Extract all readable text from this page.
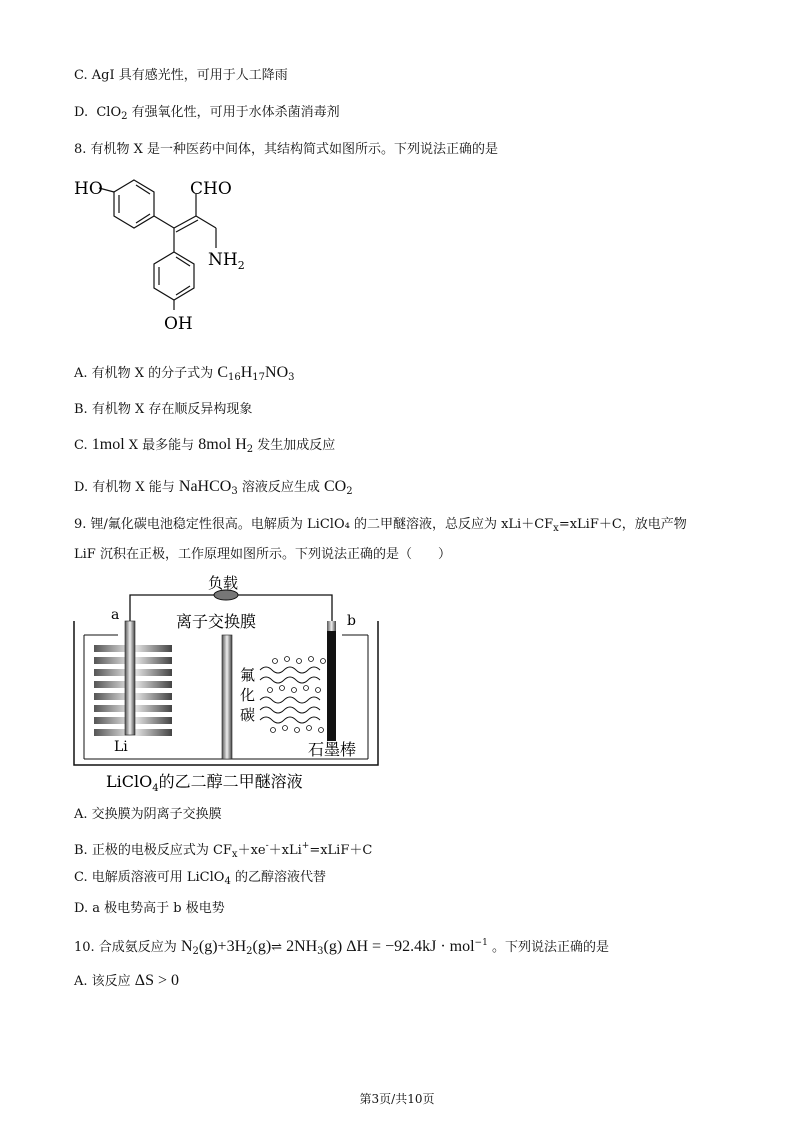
C. AgI 具有感光性，可用于人工降雨
D. ClO$_2$ 有强氧化性，可用于水体杀菌消毒剂
8. 有机物 X 是一种医药中间体，其结构简式如图所示。下列说法正确的是
HO	CHO
$NH_2$
OH
A. 有机物 X 的分子式为 $C_{16}H_{17}NO_3$
B. 有机物 X 存在顺反异构现象
C. 1mol X 最多能与 8mol $H_2$ 发生加成反应
D. 有机物 X 能与 NaHCO$_3$ 溶液反应生成 $CO_2$
9. 锂/氟化碳电池稳定性很高。电解质为 LiClO₄ 的二甲醚溶液，总反应为 $xLi+CF_x=xLiF+C$，放电产物
LiF 沉积在正极，工作原理如图所示。下列说法正确的是（　　）
负载
a	b
离子交换膜
Li
氟
化
碳
石墨棒
LiClO$_4$的乙二醇二甲醚溶液
A. 交换膜为阴离子交换膜
B. 正极的电极反应式为 $CF_x+xe^-+xLi^+=xLiF+C$
C. 电解质溶液可用 LiClO$_4$ 的乙醇溶液代替
D. a 极电势高于 b 极电势
10. 合成氨反应为 $N_2(g)+3H_2(g)\rightleftharpoons$ $2NH_3(g) \Delta H = -92.4kJ \cdot mol^{-1}$ 。下列说法正确的是
A. 该反应 ΔS > 0
第3页/共10页
